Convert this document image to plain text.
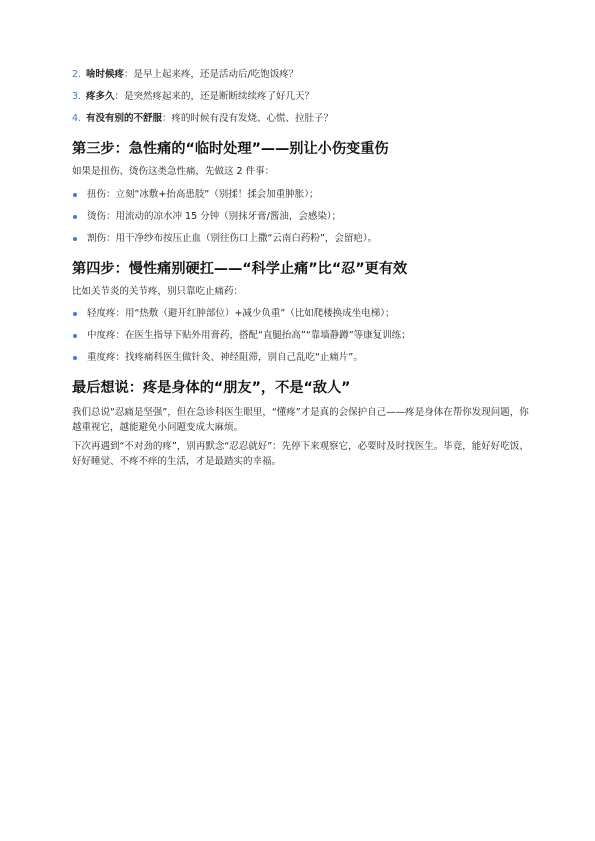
2. 啥时候疼：是早上起来疼，还是活动后/吃饱饭疼？
3. 疼多久：是突然疼起来的，还是断断续续疼了好几天？
4. 有没有别的不舒服：疼的时候有没有发烧、心慌、拉肚子？
第三步：急性痛的“临时处理”——别让小伤变重伤

如果是扭伤、烫伤这类急性痛，先做这 2 件事：

扭伤：立刻“冰敷+抬高患肢”（别揉！揉会加重肿胀）；
烫伤：用流动的凉水冲 15 分钟（别抹牙膏/酱油，会感染）；
割伤：用干净纱布按压止血（别往伤口上撒“云南白药粉”，会留疤）。
第四步：慢性痛别硬扛——“科学止痛”比“忍”更有效

比如关节炎的关节疼，别只靠吃止痛药：

轻度疼：用“热敷（避开红肿部位）+减少负重”（比如爬楼换成坐电梯）；
中度疼：在医生指导下贴外用膏药，搭配“直腿抬高”“靠墙静蹲”等康复训练；
重度疼：找疼痛科医生做针灸、神经阻滞，别自己乱吃“止痛片”。
最后想说：疼是身体的“朋友”，不是“敌人”

我们总说“忍痛是坚强”，但在急诊科医生眼里，“懂疼”才是真的会保护自己——疼是身体在帮你发现问题，你越重视它，越能避免小问题变成大麻烦。

下次再遇到“不对劲的疼”，别再默念“忍忍就好”：先停下来观察它，必要时及时找医生。毕竟，能好好吃饭、好好睡觉、不疼不痒的生活，才是最踏实的幸福。
